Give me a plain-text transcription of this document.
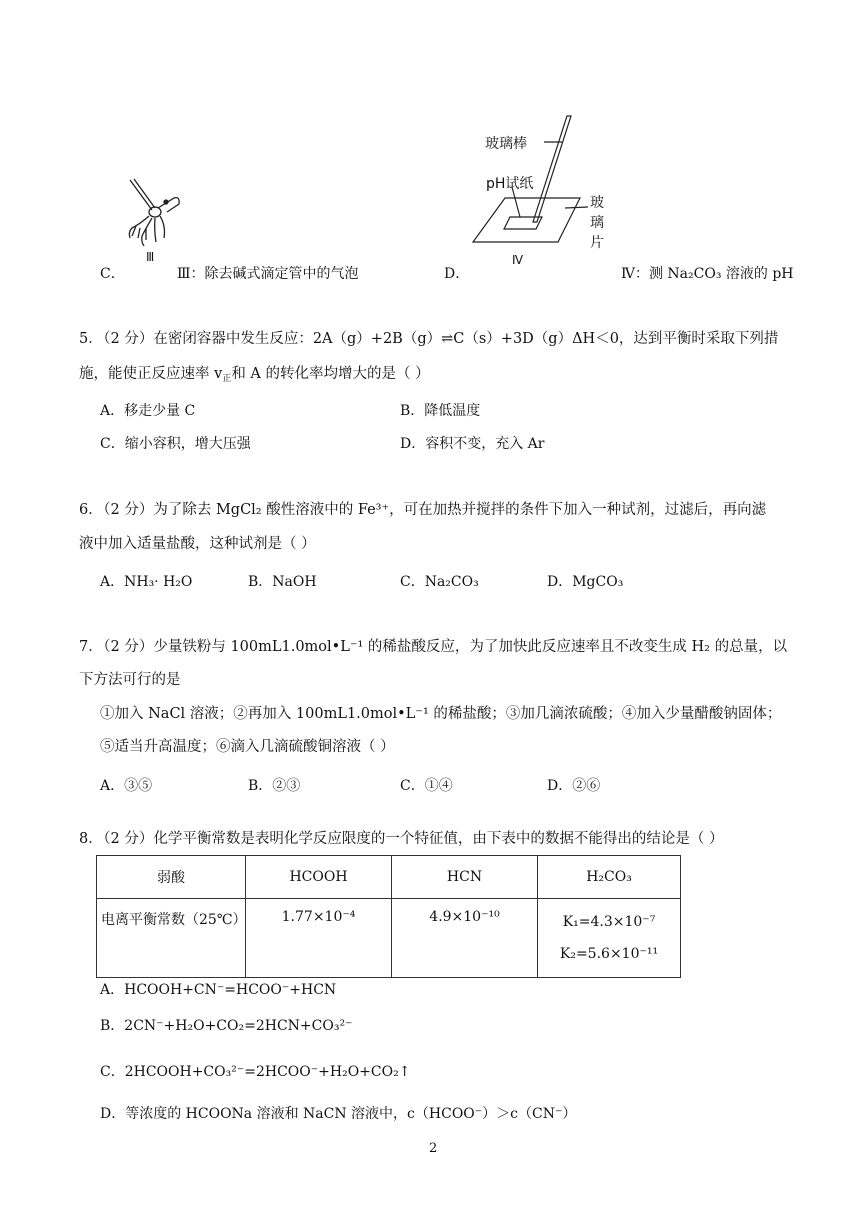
Ⅲ
玻璃棒
pH试纸
玻
璃
片
Ⅳ
C．	Ⅲ：除去碱式滴定管中的气泡	D．	Ⅳ：测 Na₂CO₃ 溶液的 pH
5．
（2 分）在密闭容器中发生反应：2A（g）+2B（g）⇌C（s）+3D（g）ΔH＜0，达到平衡时采取下列措
施，能使正反应速率 $v_正$和 A 的转化率均增大的是（ ）
A．移走少量 C	B．降低温度
C．缩小容积，增大压强	D．容积不变，充入 Ar
6．
（2 分）为了除去 MgCl₂ 酸性溶液中的 Fe³⁺，可在加热并搅拌的条件下加入一种试剂，过滤后，再向滤
液中加入适量盐酸，这种试剂是（ ）
A．NH₃· H₂O	B．NaOH	C．Na₂CO₃	D．MgCO₃
7．
（2 分）少量铁粉与 100mL1.0mol•L⁻¹ 的稀盐酸反应，为了加快此反应速率且不改变生成 H₂ 的总量，以
下方法可行的是
①加入 NaCl 溶液；②再加入 100mL1.0mol•L⁻¹ 的稀盐酸；③加几滴浓硫酸；④加入少量醋酸钠固体；
⑤适当升高温度；⑥滴入几滴硫酸铜溶液（ ）
A．③⑤	B．②③	C．①④	D．②⑥
8．
（2 分）化学平衡常数是表明化学反应限度的一个特征值，由下表中的数据不能得出的结论是（ ）
弱酸	HCOOH	HCN	H₂CO₃
电离平衡常数（25℃）	1.77×10⁻⁴	4.9×10⁻¹⁰	K₁=4.3×10⁻⁷
K₂=5.6×10⁻¹¹
A．HCOOH+CN⁻=HCOO⁻+HCN
B．2CN⁻+H₂O+CO₂=2HCN+CO₃²⁻
C．2HCOOH+CO₃²⁻=2HCOO⁻+H₂O+CO₂↑
D．等浓度的 HCOONa 溶液和 NaCN 溶液中，c（HCOO⁻）＞c（CN⁻）
2
